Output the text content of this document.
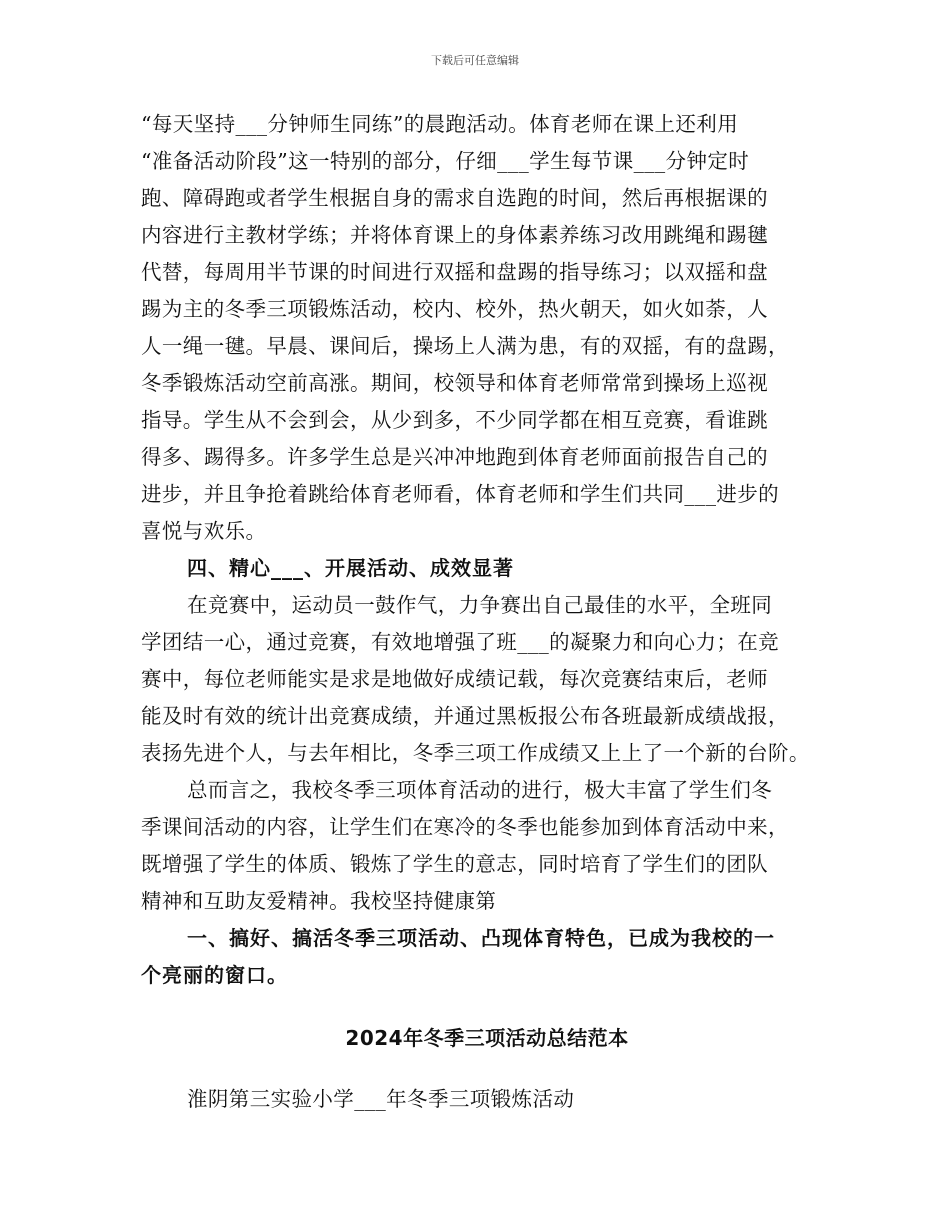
下载后可任意编辑
“每天坚持___分钟师生同练”的晨跑活动。体育老师在课上还利用
“准备活动阶段”这一特别的部分，仔细___学生每节课___分钟定时
跑、障碍跑或者学生根据自身的需求自选跑的时间，然后再根据课的
内容进行主教材学练；并将体育课上的身体素养练习改用跳绳和踢毽
代替，每周用半节课的时间进行双摇和盘踢的指导练习；以双摇和盘
踢为主的冬季三项锻炼活动，校内、校外，热火朝天，如火如荼，人
人一绳一毽。早晨、课间后，操场上人满为患，有的双摇，有的盘踢，
冬季锻炼活动空前高涨。期间，校领导和体育老师常常到操场上巡视
指导。学生从不会到会，从少到多，不少同学都在相互竞赛，看谁跳
得多、踢得多。许多学生总是兴冲冲地跑到体育老师面前报告自己的
进步，并且争抢着跳给体育老师看，体育老师和学生们共同___进步的
喜悦与欢乐。
四、精心___、开展活动、成效显著
在竞赛中，运动员一鼓作气，力争赛出自己最佳的水平，全班同
学团结一心，通过竞赛，有效地增强了班___的凝聚力和向心力；在竞
赛中，每位老师能实是求是地做好成绩记载，每次竞赛结束后，老师
能及时有效的统计出竞赛成绩，并通过黑板报公布各班最新成绩战报，
表扬先进个人，与去年相比，冬季三项工作成绩又上上了一个新的台阶。
总而言之，我校冬季三项体育活动的进行，极大丰富了学生们冬
季课间活动的内容，让学生们在寒冷的冬季也能参加到体育活动中来，
既增强了学生的体质、锻炼了学生的意志，同时培育了学生们的团队
精神和互助友爱精神。我校坚持健康第
一、搞好、搞活冬季三项活动、凸现体育特色，已成为我校的一
个亮丽的窗口。
2024年冬季三项活动总结范本
淮阴第三实验小学___年冬季三项锻炼活动
